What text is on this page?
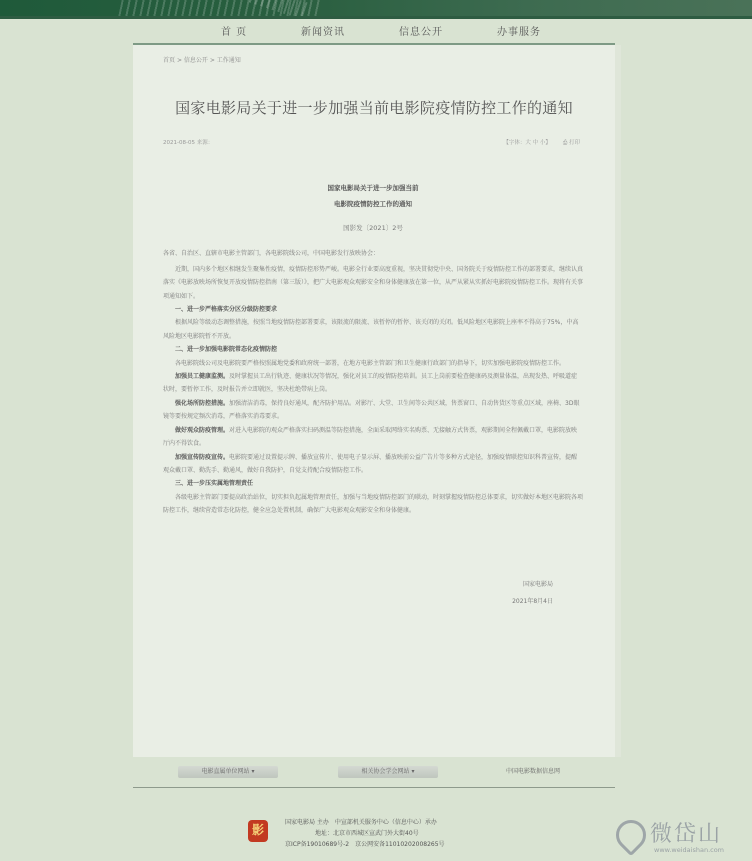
首 页	新闻资讯	信息公开	办事服务
首页 > 信息公开 > 工作通知
国家电影局关于进一步加强当前电影院疫情防控工作的通知
2021-08-05 来源：	【字体：大 中 小】 ⎙ 打印
国家电影局关于进一步加强当前
电影院疫情防控工作的通知
国影发〔2021〕2号

各省、自治区、直辖市电影主管部门，各电影院线公司，中国电影发行放映协会：

近期，国内多个地区相继发生聚集性疫情，疫情防控形势严峻。电影全行业要高度重视，坚决贯彻党中央、国务院关于疫情防控工作的部署要求，继续认真落实《电影放映场所恢复开放疫情防控指南（第三版）》，把广大电影观众观影安全和身体健康放在第一位，从严从紧从实抓好电影院疫情防控工作。现将有关事项通知如下。

一、进一步严格落实分区分级防控要求

根据风险等级动态调整措施，按照当地疫情防控部署要求，该限流的限流、该暂停的暂停、该关闭的关闭。低风险地区电影院上座率不得高于75%，中高风险地区电影院暂不开放。

二、进一步加强电影院常态化疫情防控

各电影院线公司及电影院要严格按照属地党委和政府统一部署，在地方电影主管部门和卫生健康行政部门的指导下，切实加强电影院疫情防控工作。

加强员工健康监测。及时掌握员工出行轨迹、健康状况等情况，强化对员工的疫情防控培训。员工上岗前要检查健康码及测量体温，出现发热、呼吸道症状时，要暂停工作，及时报告并立即就医，坚决杜绝带病上岗。

强化场所防控措施。加强清洁消毒，保持良好通风，配齐防护用品。对影厅、大堂、卫生间等公共区域，售票窗口、自动售货区等重点区域，座椅、3D眼镜等要按规定频次消毒，严格落实消毒要求。

做好观众防疫管理。对进入电影院的观众严格落实扫码测温等防控措施，全面采取网络实名购票、无接触方式售票，观影期间全程佩戴口罩，电影院放映厅内不得饮食。

加强宣传防疫宣传。电影院要通过设置提示牌、播放宣传片、使用电子显示屏、播放映前公益广告片等多种方式途径，加强疫情联控知识科普宣传，提醒观众戴口罩、勤洗手、勤通风，做好自我防护，自觉支持配合疫情防控工作。

三、进一步压实属地管理责任

各级电影主管部门要提高政治站位，切实担负起属地管理责任，加强与当地疫情防控部门的联动，时刻掌握疫情防控总体要求，切实做好本地区电影院各项防控工作，继续营造常态化防控，健全应急处置机制，确保广大电影观众观影安全和身体健康。

国家电影局
2021年8月4日
电影直属单位网站 ▾	相关协会学会网站 ▾	中国电影数据信息网
影
国家电影局 主办　中宣部机关服务中心（信息中心）承办
地址：北京市西城区宣武门外大街40号
京ICP备19010689号-2　京公网安备11010202008265号	微岱山
www.weidaishan.com
